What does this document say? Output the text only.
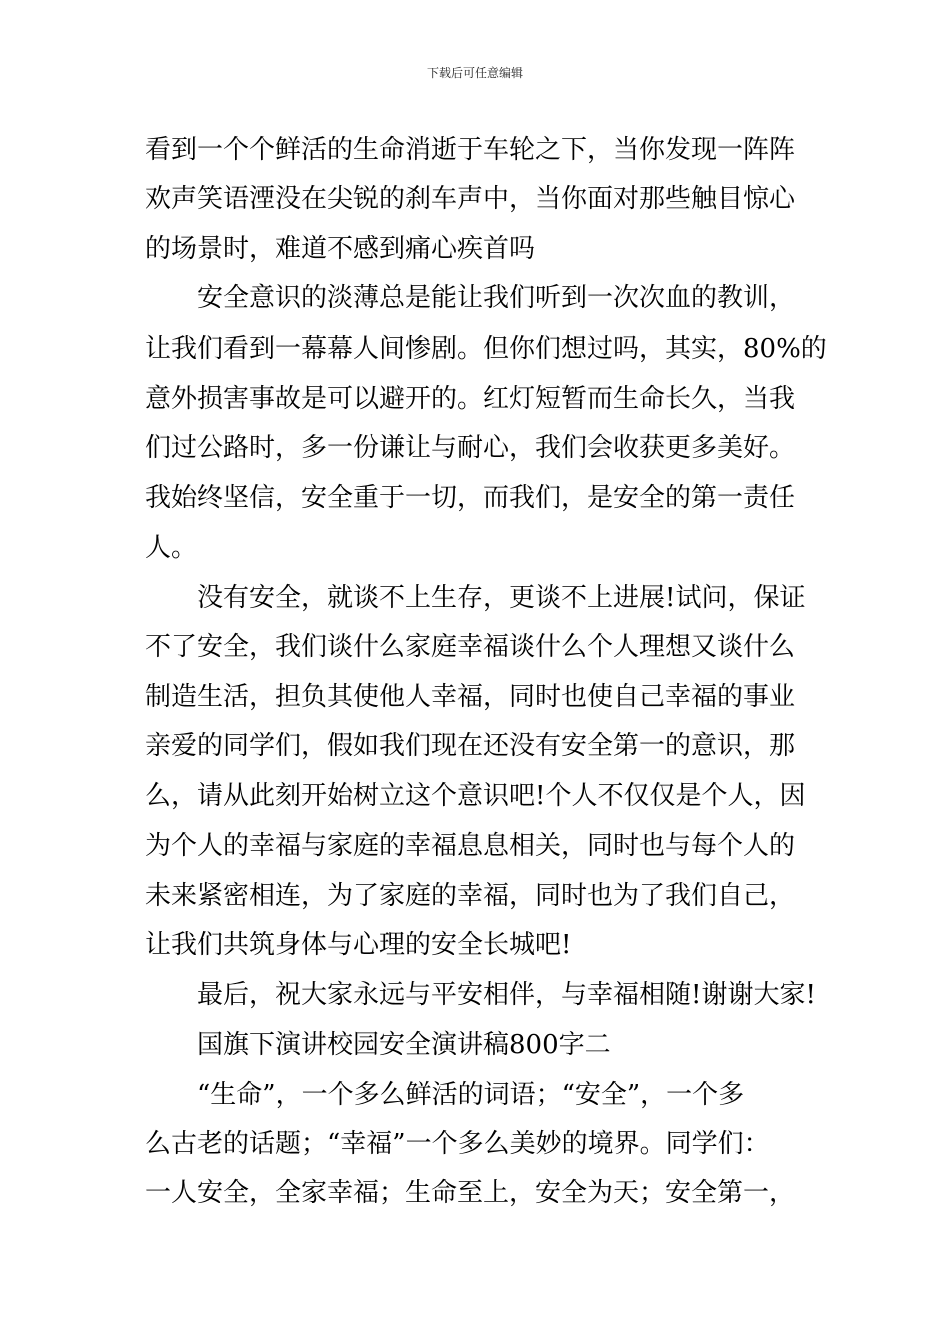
下载后可任意编辑
看到一个个鲜活的生命消逝于车轮之下，当你发现一阵阵
欢声笑语湮没在尖锐的刹车声中，当你面对那些触目惊心
的场景时，难道不感到痛心疾首吗
安全意识的淡薄总是能让我们听到一次次血的教训，
让我们看到一幕幕人间惨剧。但你们想过吗，其实，80%的
意外损害事故是可以避开的。红灯短暂而生命长久，当我
们过公路时，多一份谦让与耐心，我们会收获更多美好。
我始终坚信，安全重于一切，而我们，是安全的第一责任
人。
没有安全，就谈不上生存，更谈不上进展!试问，保证
不了安全，我们谈什么家庭幸福谈什么个人理想又谈什么
制造生活，担负其使他人幸福，同时也使自己幸福的事业
亲爱的同学们，假如我们现在还没有安全第一的意识，那
么，请从此刻开始树立这个意识吧!个人不仅仅是个人，因
为个人的幸福与家庭的幸福息息相关，同时也与每个人的
未来紧密相连，为了家庭的幸福，同时也为了我们自己，
让我们共筑身体与心理的安全长城吧!
最后，祝大家永远与平安相伴，与幸福相随!谢谢大家!
国旗下演讲校园安全演讲稿800字二
“生命”，一个多么鲜活的词语；“安全”，一个多
么古老的话题；“幸福”一个多么美妙的境界。同学们：
一人安全，全家幸福；生命至上，安全为天；安全第一，
